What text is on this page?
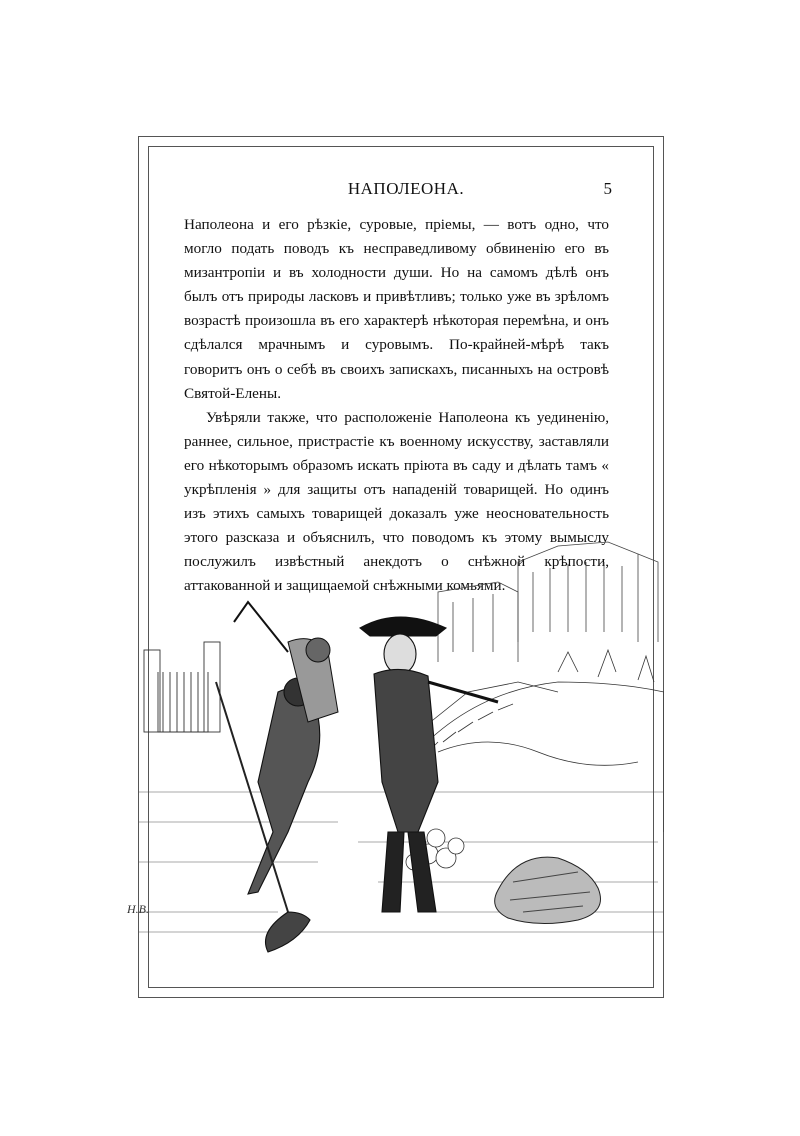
НАПОЛЕОНА.	5

Наполеона и его рѣзкіе, суровые, пріемы, — вотъ одно, что могло подать поводъ къ несправедливому обвиненію его въ мизантропіи и въ холодности души. Но на самомъ дѣлѣ онъ былъ отъ природы ласковъ и привѣтливъ; только уже въ зрѣломъ возрастѣ произошла въ его характерѣ нѣкоторая перемѣна, и онъ сдѣлался мрачнымъ и суровымъ. По-крайней-мѣрѣ такъ говоритъ онъ о себѣ въ своихъ запискахъ, писанныхъ на островѣ Святой-Елены.

Увѣряли также, что расположеніе Наполеона къ уединенію, раннее, сильное, пристрастіе къ военному искусству, заставляли его нѣкоторымъ образомъ искать пріюта въ саду и дѣлать тамъ « укрѣпленія » для защиты отъ нападеній товарищей. Но одинъ изъ этихъ самыхъ товарищей доказалъ уже неосновательность этого разсказа и объяснилъ, что поводомъ къ этому вымыслу послужилъ извѣстный анекдотъ о снѣжной крѣпости, аттакованной и защищаемой снѣжными комьями.

H.B.
